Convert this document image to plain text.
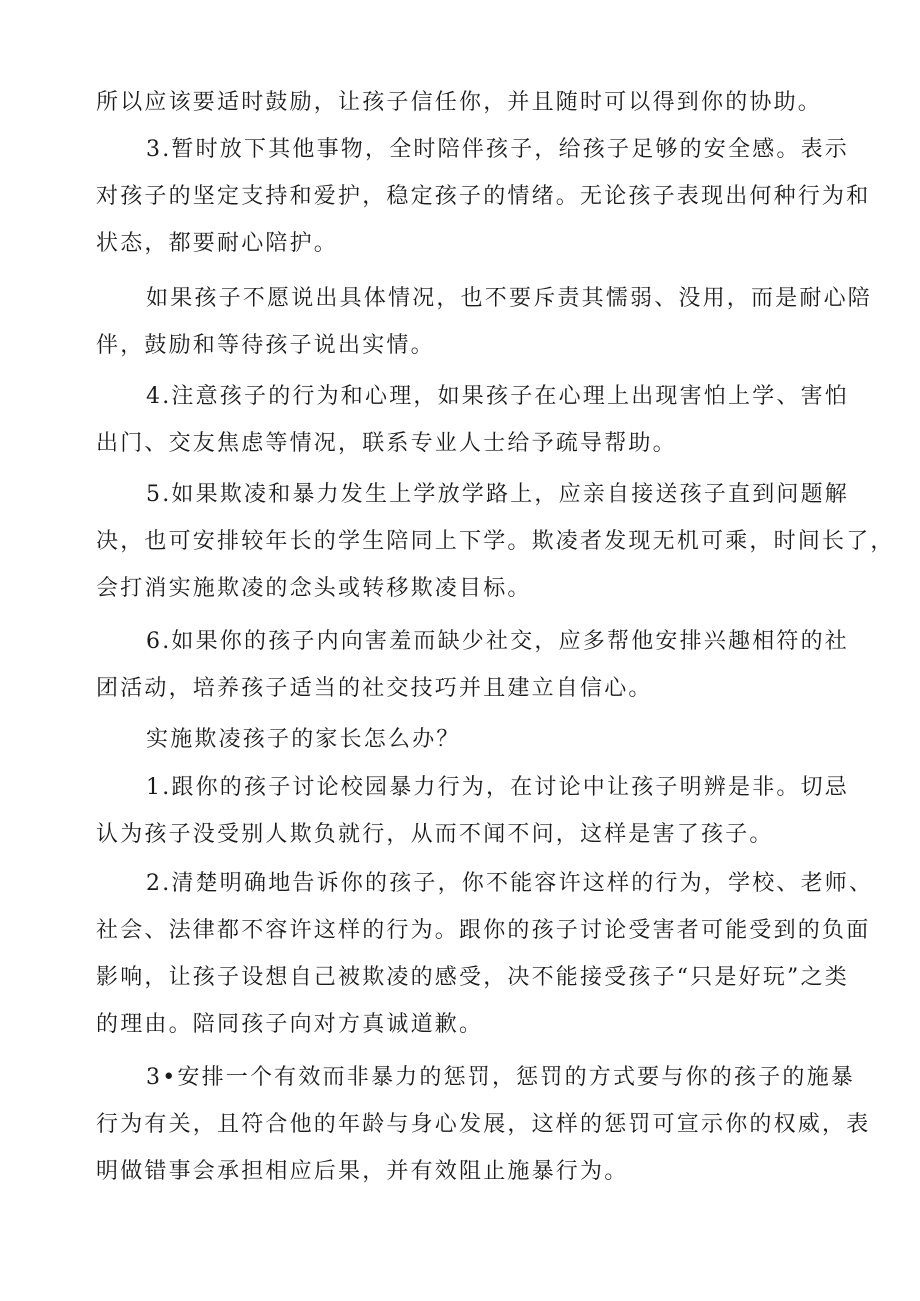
所以应该要适时鼓励，让孩子信任你，并且随时可以得到你的协助。
3.暂时放下其他事物，全时陪伴孩子，给孩子足够的安全感。表示
对孩子的坚定支持和爱护，稳定孩子的情绪。无论孩子表现出何种行为和
状态，都要耐心陪护。
如果孩子不愿说出具体情况，也不要斥责其懦弱、没用，而是耐心陪
伴，鼓励和等待孩子说出实情。
4.注意孩子的行为和心理，如果孩子在心理上出现害怕上学、害怕
出门、交友焦虑等情况，联系专业人士给予疏导帮助。
5.如果欺凌和暴力发生上学放学路上，应亲自接送孩子直到问题解
决，也可安排较年长的学生陪同上下学。欺凌者发现无机可乘，时间长了，
会打消实施欺凌的念头或转移欺凌目标。
6.如果你的孩子内向害羞而缺少社交，应多帮他安排兴趣相符的社
团活动，培养孩子适当的社交技巧并且建立自信心。
实施欺凌孩子的家长怎么办？
1.跟你的孩子讨论校园暴力行为，在讨论中让孩子明辨是非。切忌
认为孩子没受别人欺负就行，从而不闻不问，这样是害了孩子。
2.清楚明确地告诉你的孩子，你不能容许这样的行为，学校、老师、
社会、法律都不容许这样的行为。跟你的孩子讨论受害者可能受到的负面
影响，让孩子设想自己被欺凌的感受，决不能接受孩子“只是好玩”之类
的理由。陪同孩子向对方真诚道歉。
3•安排一个有效而非暴力的惩罚，惩罚的方式要与你的孩子的施暴
行为有关，且符合他的年龄与身心发展，这样的惩罚可宣示你的权威，表
明做错事会承担相应后果，并有效阻止施暴行为。
